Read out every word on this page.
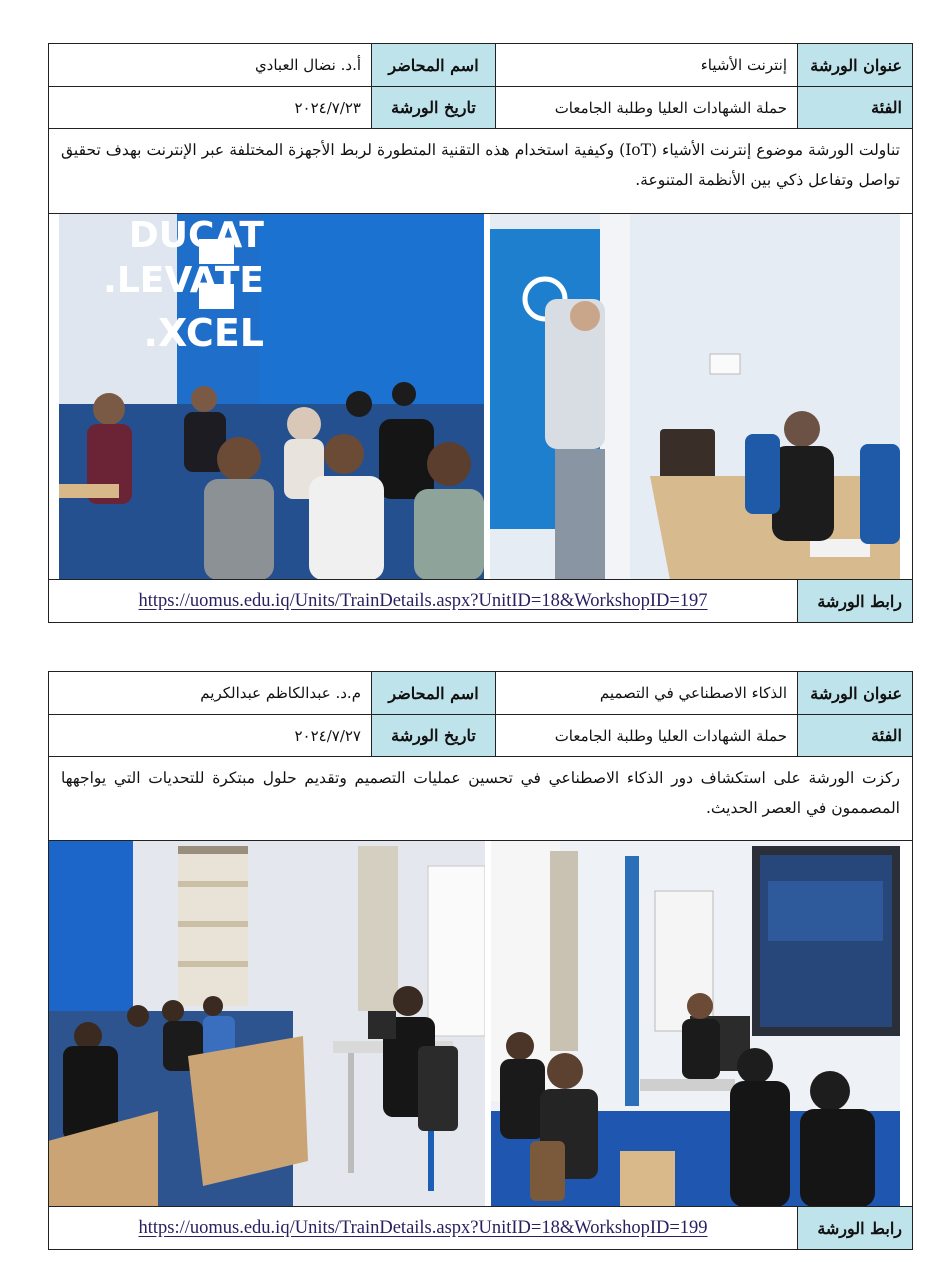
عنوان الورشة
إنترنت الأشياء
اسم المحاضر
أ.د. نضال العبادي
الفئة
حملة الشهادات العليا وطلبة الجامعات
تاريخ الورشة
٢٠٢٤/٧/٢٣
تناولت الورشة موضوع إنترنت الأشياء (IoT) وكيفية استخدام هذه التقنية المتطورة لربط الأجهزة المختلفة عبر الإنترنت بهدف تحقيق تواصل وتفاعل ذكي بين الأنظمة المتنوعة.
DUCAT
LEVATE.
XCEL.
رابط الورشة
https://uomus.edu.iq/Units/TrainDetails.aspx?UnitID=18&WorkshopID=197
عنوان الورشة
الذكاء الاصطناعي في التصميم
اسم المحاضر
م.د. عبدالكاظم عبدالكريم
الفئة
حملة الشهادات العليا وطلبة الجامعات
تاريخ الورشة
٢٠٢٤/٧/٢٧
ركزت الورشة على استكشاف دور الذكاء الاصطناعي في تحسين عمليات التصميم وتقديم حلول مبتكرة للتحديات التي يواجهها المصممون في العصر الحديث.
رابط الورشة
https://uomus.edu.iq/Units/TrainDetails.aspx?UnitID=18&WorkshopID=199
